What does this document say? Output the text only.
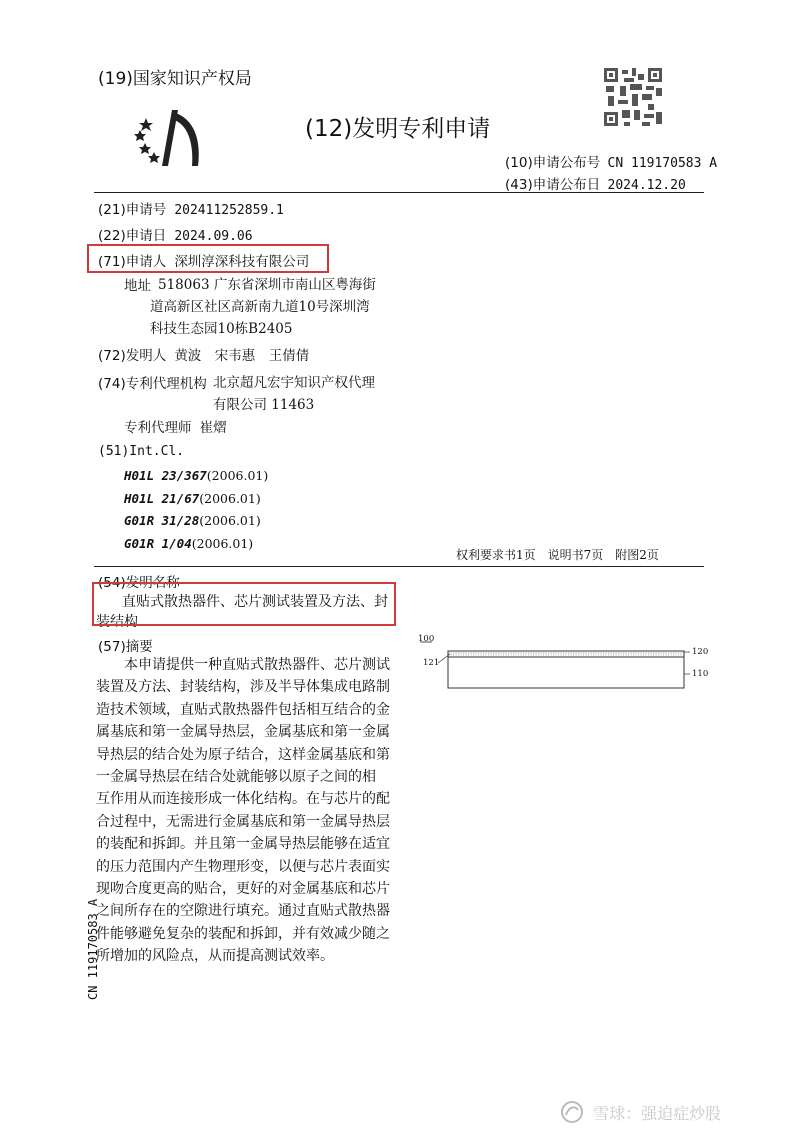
(19)国家知识产权局
(12)发明专利申请
(10)申请公布号 CN 119170583 A
(43)申请公布日 2024.12.20
(21)申请号 202411252859.1
(22)申请日 2024.09.06
(71)申请人 深圳淳深科技有限公司
地址 518063 广东省深圳市南山区粤海街
道高新区社区高新南九道10号深圳湾
科技生态园10栋B2405
(72)发明人 黄波　宋韦惠　王倩倩
(74)专利代理机构 北京超凡宏宇知识产权代理
有限公司 11463
专利代理师 崔熠
(51)Int.Cl.
H01L 23/367(2006.01)
H01L 21/67(2006.01)
G01R 31/28(2006.01)
G01R 1/04(2006.01)
权利要求书1页　说明书7页　附图2页
(54)发明名称
直贴式散热器件、芯片测试装置及方法、封
装结构
(57)摘要
　　本申请提供一种直贴式散热器件、芯片测试
装置及方法、封装结构，涉及半导体集成电路制
造技术领域，直贴式散热器件包括相互结合的金
属基底和第一金属导热层，金属基底和第一金属
导热层的结合处为原子结合，这样金属基底和第
一金属导热层在结合处就能够以原子之间的相
互作用从而连接形成一体化结构。在与芯片的配
合过程中，无需进行金属基底和第一金属导热层
的装配和拆卸。并且第一金属导热层能够在适宜
的压力范围内产生物理形变，以便与芯片表面实
现吻合度更高的贴合，更好的对金属基底和芯片
之间所存在的空隙进行填充。通过直贴式散热器
件能够避免复杂的装配和拆卸，并有效减少随之
所增加的风险点，从而提高测试效率。
100
121
120
110
CN 119170583 A
雪球：强迫症炒股
